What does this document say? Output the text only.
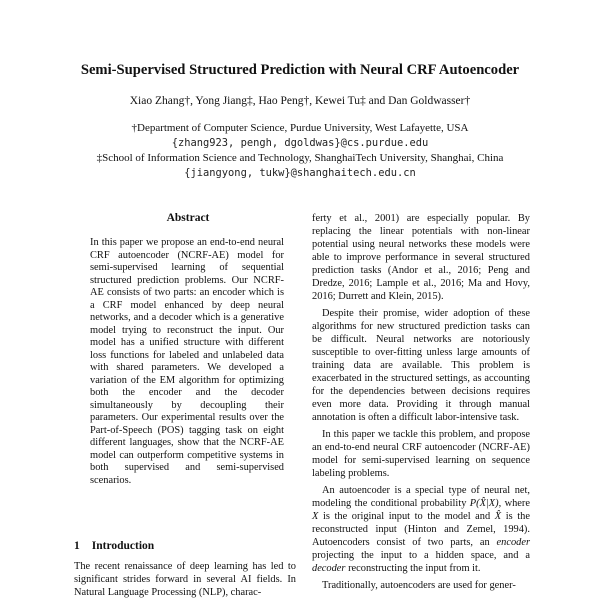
Semi-Supervised Structured Prediction with Neural CRF Autoencoder
Xiao Zhang†, Yong Jiang‡, Hao Peng†, Kewei Tu‡ and Dan Goldwasser†
†Department of Computer Science, Purdue University, West Lafayette, USA
{zhang923, pengh, dgoldwas}@cs.purdue.edu
‡School of Information Science and Technology, ShanghaiTech University, Shanghai, China
{jiangyong, tukw}@shanghaitech.edu.cn
Abstract
In this paper we propose an end-to-end neural CRF autoencoder (NCRF-AE) model for semi-supervised learning of sequential structured prediction problems. Our NCRF-AE consists of two parts: an encoder which is a CRF model enhanced by deep neural networks, and a decoder which is a generative model trying to reconstruct the input. Our model has a unified structure with different loss functions for labeled and unlabeled data with shared parameters. We developed a variation of the EM algorithm for optimizing both the encoder and the decoder simultaneously by decoupling their parameters. Our experimental results over the Part-of-Speech (POS) tagging task on eight different languages, show that the NCRF-AE model can outperform competitive systems in both supervised and semi-supervised scenarios.
1 Introduction
The recent renaissance of deep learning has led to significant strides forward in several AI fields. In Natural Language Processing (NLP), charac-

ferty et al., 2001) are especially popular. By replacing the linear potentials with non-linear potential using neural networks these models were able to improve performance in several structured prediction tasks (Andor et al., 2016; Peng and Dredze, 2016; Lample et al., 2016; Ma and Hovy, 2016; Durrett and Klein, 2015).

Despite their promise, wider adoption of these algorithms for new structured prediction tasks can be difficult. Neural networks are notoriously susceptible to over-fitting unless large amounts of training data are available. This problem is exacerbated in the structured settings, as accounting for the dependencies between decisions requires even more data. Providing it through manual annotation is often a difficult labor-intensive task.

In this paper we tackle this problem, and propose an end-to-end neural CRF autoencoder (NCRF-AE) model for semi-supervised learning on sequence labeling problems.

An autoencoder is a special type of neural net, modeling the conditional probability P(X̂|X), where X is the original input to the model and X̂ is the reconstructed input (Hinton and Zemel, 1994). Autoencoders consist of two parts, an encoder projecting the input to a hidden space, and a decoder reconstructing the input from it.

Traditionally, autoencoders are used for gener-
